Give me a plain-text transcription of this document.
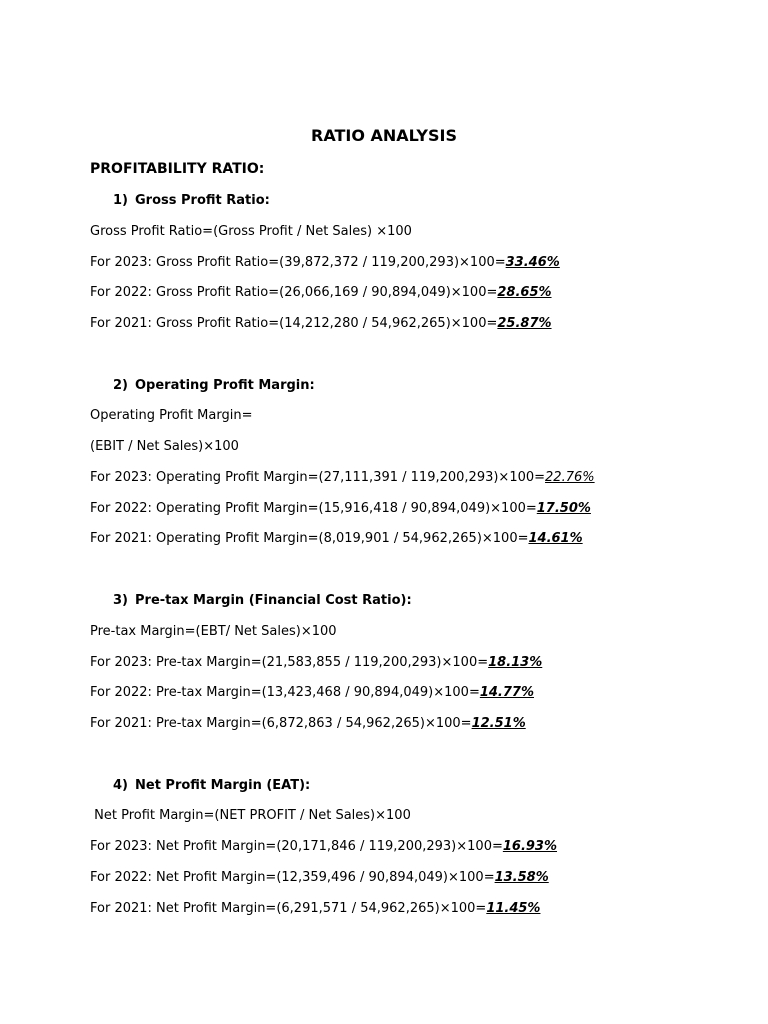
RATIO ANALYSIS
PROFITABILITY RATIO:
1) Gross Profit Ratio:
Gross Profit Ratio=(Gross Profit / Net Sales) ×100
For 2023: Gross Profit Ratio=(39,872,372 / 119,200,293)×100=33.46%
For 2022: Gross Profit Ratio=(26,066,169 / 90,894,049)×100=28.65%
For 2021: Gross Profit Ratio=(14,212,280 / 54,962,265)×100=25.87%
2) Operating Profit Margin:
Operating Profit Margin=
(EBIT / Net Sales)×100
For 2023: Operating Profit Margin=(27,111,391 / 119,200,293)×100=22.76%
For 2022: Operating Profit Margin=(15,916,418 / 90,894,049)×100=17.50%
For 2021: Operating Profit Margin=(8,019,901 / 54,962,265)×100=14.61%
3) Pre-tax Margin (Financial Cost Ratio):
Pre-tax Margin=(EBT/ Net Sales)×100
For 2023: Pre-tax Margin=(21,583,855 / 119,200,293)×100=18.13%
For 2022: Pre-tax Margin=(13,423,468 / 90,894,049)×100=14.77%
For 2021: Pre-tax Margin=(6,872,863 / 54,962,265)×100=12.51%
4) Net Profit Margin (EAT):
Net Profit Margin=(NET PROFIT / Net Sales)×100
For 2023: Net Profit Margin=(20,171,846 / 119,200,293)×100=16.93%
For 2022: Net Profit Margin=(12,359,496 / 90,894,049)×100=13.58%
For 2021: Net Profit Margin=(6,291,571 / 54,962,265)×100=11.45%
